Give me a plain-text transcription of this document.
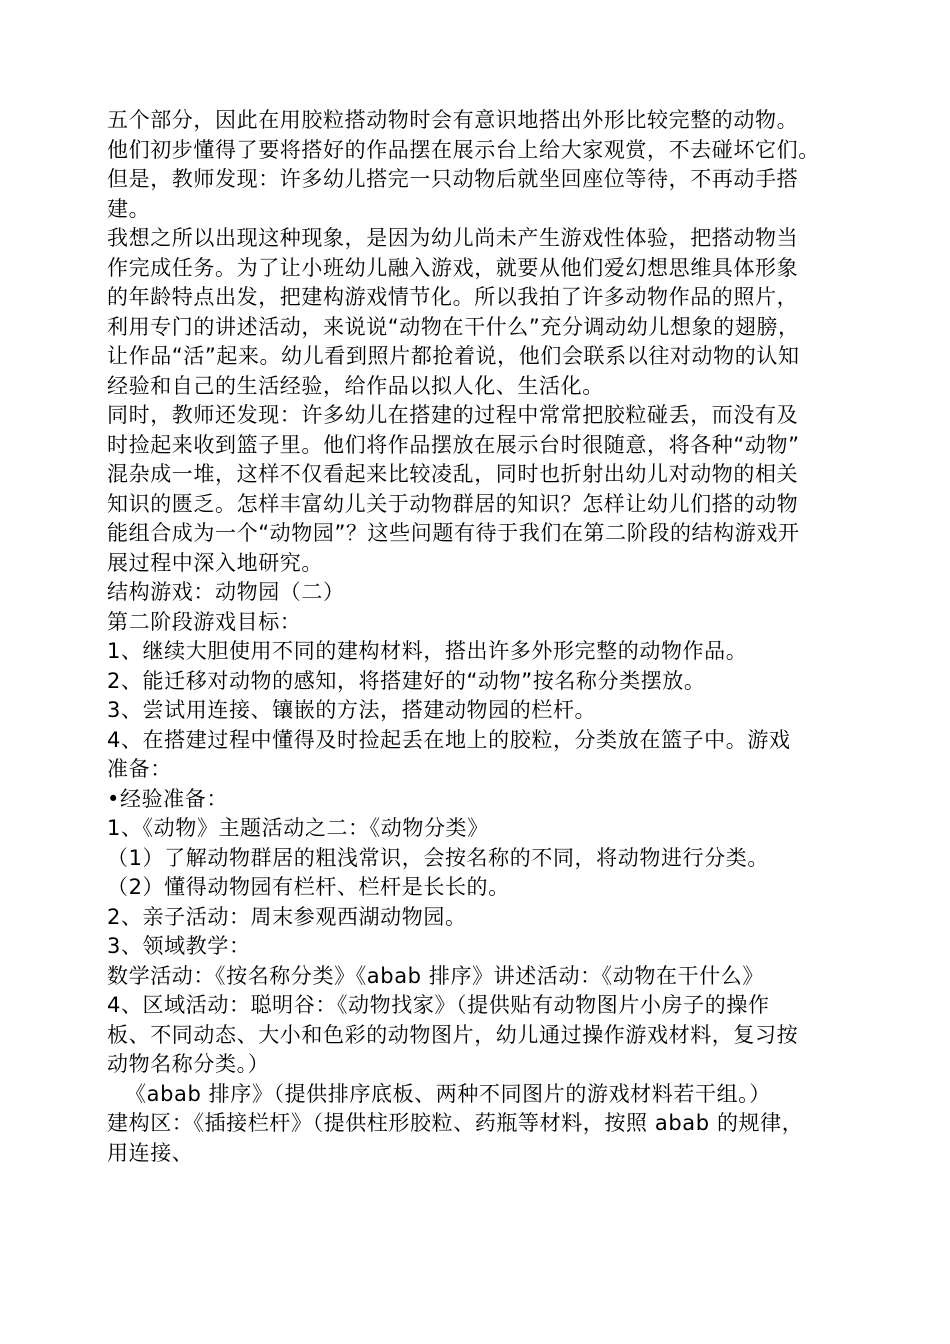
五个部分，因此在用胶粒搭动物时会有意识地搭出外形比较完整的动物。
他们初步懂得了要将搭好的作品摆在展示台上给大家观赏，不去碰坏它们。
但是，教师发现：许多幼儿搭完一只动物后就坐回座位等待，不再动手搭
建。
我想之所以出现这种现象，是因为幼儿尚未产生游戏性体验，把搭动物当
作完成任务。为了让小班幼儿融入游戏，就要从他们爱幻想思维具体形象
的年龄特点出发，把建构游戏情节化。所以我拍了许多动物作品的照片，
利用专门的讲述活动，来说说“动物在干什么”充分调动幼儿想象的翅膀，
让作品“活”起来。幼儿看到照片都抢着说，他们会联系以往对动物的认知
经验和自己的生活经验，给作品以拟人化、生活化。
同时，教师还发现：许多幼儿在搭建的过程中常常把胶粒碰丢，而没有及
时捡起来收到篮子里。他们将作品摆放在展示台时很随意，将各种“动物”
混杂成一堆，这样不仅看起来比较凌乱，同时也折射出幼儿对动物的相关
知识的匮乏。怎样丰富幼儿关于动物群居的知识？怎样让幼儿们搭的动物
能组合成为一个“动物园”？这些问题有待于我们在第二阶段的结构游戏开
展过程中深入地研究。
结构游戏：动物园（二）
第二阶段游戏目标：
1、继续大胆使用不同的建构材料，搭出许多外形完整的动物作品。
2、能迁移对动物的感知，将搭建好的“动物”按名称分类摆放。
3、尝试用连接、镶嵌的方法，搭建动物园的栏杆。
4、在搭建过程中懂得及时捡起丢在地上的胶粒，分类放在篮子中。游戏
准备：
•经验准备：
1、《动物》主题活动之二：《动物分类》
（1）了解动物群居的粗浅常识，会按名称的不同，将动物进行分类。
（2）懂得动物园有栏杆、栏杆是长长的。
2、亲子活动：周末参观西湖动物园。
3、领域教学：
数学活动：《按名称分类》《abab 排序》讲述活动：《动物在干什么》
4、区域活动：聪明谷：《动物找家》（提供贴有动物图片小房子的操作
板、不同动态、大小和色彩的动物图片，幼儿通过操作游戏材料，复习按
动物名称分类。）
《abab 排序》（提供排序底板、两种不同图片的游戏材料若干组。）
建构区：《插接栏杆》（提供柱形胶粒、药瓶等材料，按照 abab 的规律，
用连接、
